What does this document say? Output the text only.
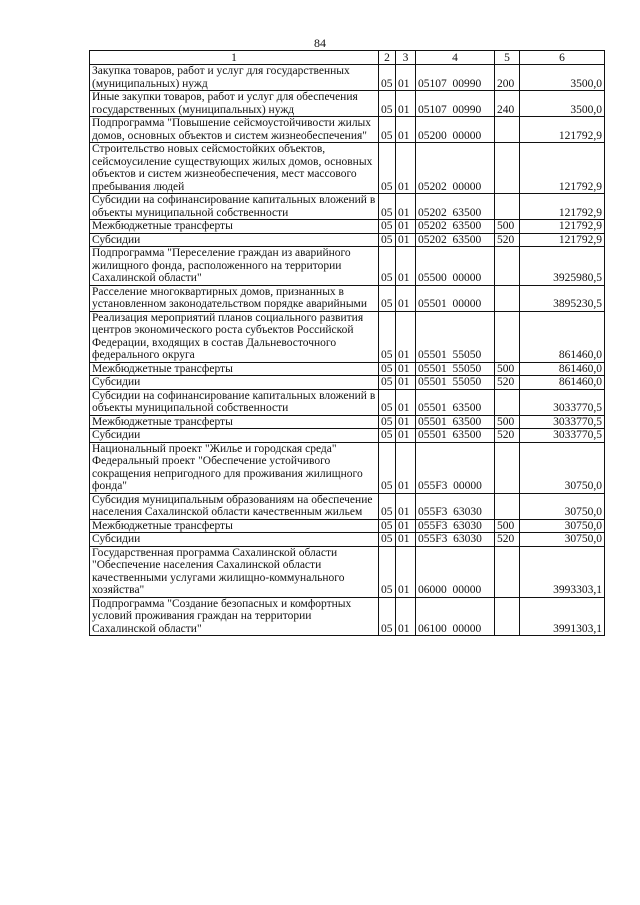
84
1	2	3	4	5	6
Закупка товаров, работ и услуг для государственных (муниципальных) нужд	05	01	05107  00990	200	3500,0
Иные закупки товаров, работ и услуг для обеспечения государственных (муниципальных) нужд	05	01	05107  00990	240	3500,0
Подпрограмма "Повышение сейсмоустойчивости жилых домов, основных объектов и систем жизнеобеспечения"	05	01	05200  00000		121792,9
Строительство новых сейсмостойких объектов, сейсмоусиление существующих жилых домов, основных объектов и систем жизнеобеспечения, мест массового пребывания людей	05	01	05202  00000		121792,9
Субсидии на софинансирование капитальных вложений в объекты муниципальной собственности	05	01	05202  63500		121792,9
Межбюджетные трансферты	05	01	05202  63500	500	121792,9
Субсидии	05	01	05202  63500	520	121792,9
Подпрограмма "Переселение граждан из аварийного жилищного фонда, расположенного на территории Сахалинской области"	05	01	05500  00000		3925980,5
Расселение многоквартирных домов, признанных в установленном законодательством порядке аварийными	05	01	05501  00000		3895230,5
Реализация мероприятий планов социального развития центров экономического роста субъектов Российской Федерации, входящих в состав Дальневосточного федерального округа	05	01	05501  55050		861460,0
Межбюджетные трансферты	05	01	05501  55050	500	861460,0
Субсидии	05	01	05501  55050	520	861460,0
Субсидии на софинансирование капитальных вложений в объекты муниципальной собственности	05	01	05501  63500		3033770,5
Межбюджетные трансферты	05	01	05501  63500	500	3033770,5
Субсидии	05	01	05501  63500	520	3033770,5
Национальный проект "Жилье и городская среда" Федеральный проект "Обеспечение устойчивого сокращения непригодного для проживания жилищного фонда"	05	01	055F3  00000		30750,0
Субсидия муниципальным образованиям на обеспечение населения Сахалинской области качественным жильем	05	01	055F3  63030		30750,0
Межбюджетные трансферты	05	01	055F3  63030	500	30750,0
Субсидии	05	01	055F3  63030	520	30750,0
Государственная программа Сахалинской области "Обеспечение населения Сахалинской области качественными услугами жилищно-коммунального хозяйства"	05	01	06000  00000		3993303,1
Подпрограмма "Создание безопасных и комфортных условий проживания граждан на территории Сахалинской области"	05	01	06100  00000		3991303,1
